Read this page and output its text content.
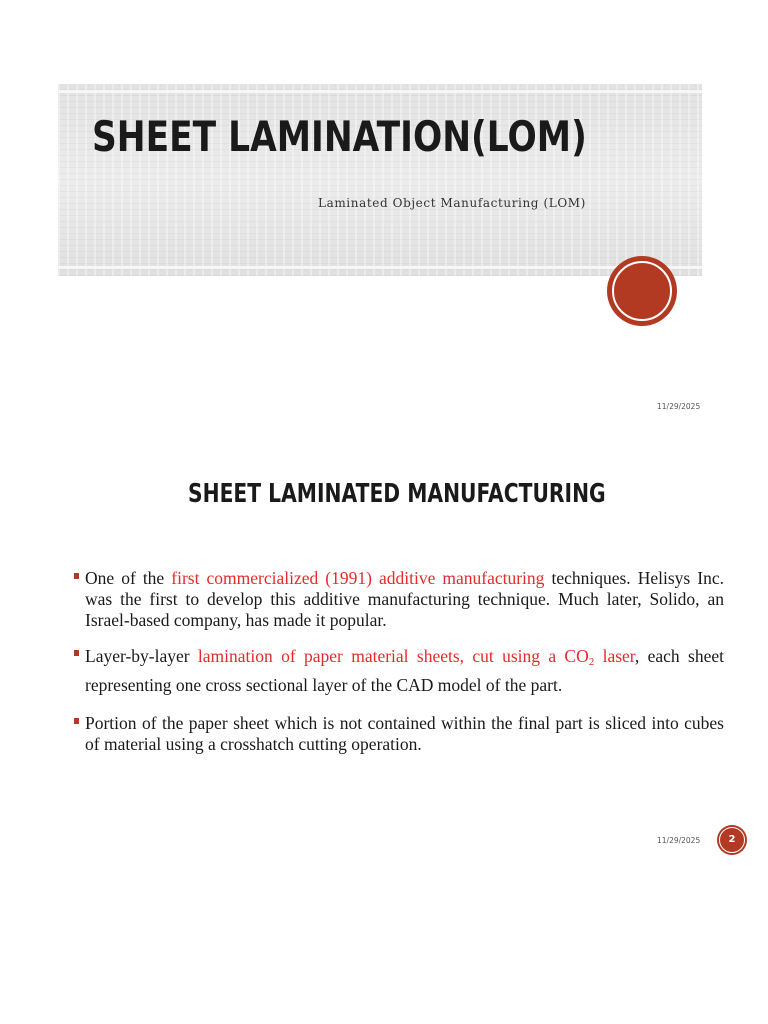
SHEET LAMINATION(LOM)
Laminated Object Manufacturing (LOM)
11/29/2025
SHEET LAMINATED MANUFACTURING
One of the first commercialized (1991) additive manufacturing techniques. Helisys Inc. was the first to develop this additive manufacturing technique. Much later, Solido, an Israel-based company, has made it popular.
Layer-by-layer lamination of paper material sheets, cut using a $CO_2$ laser, each sheet representing one cross sectional layer of the CAD model of the part.
Portion of the paper sheet which is not contained within the final part is sliced into cubes of material using a crosshatch cutting operation.
11/29/2025	2
